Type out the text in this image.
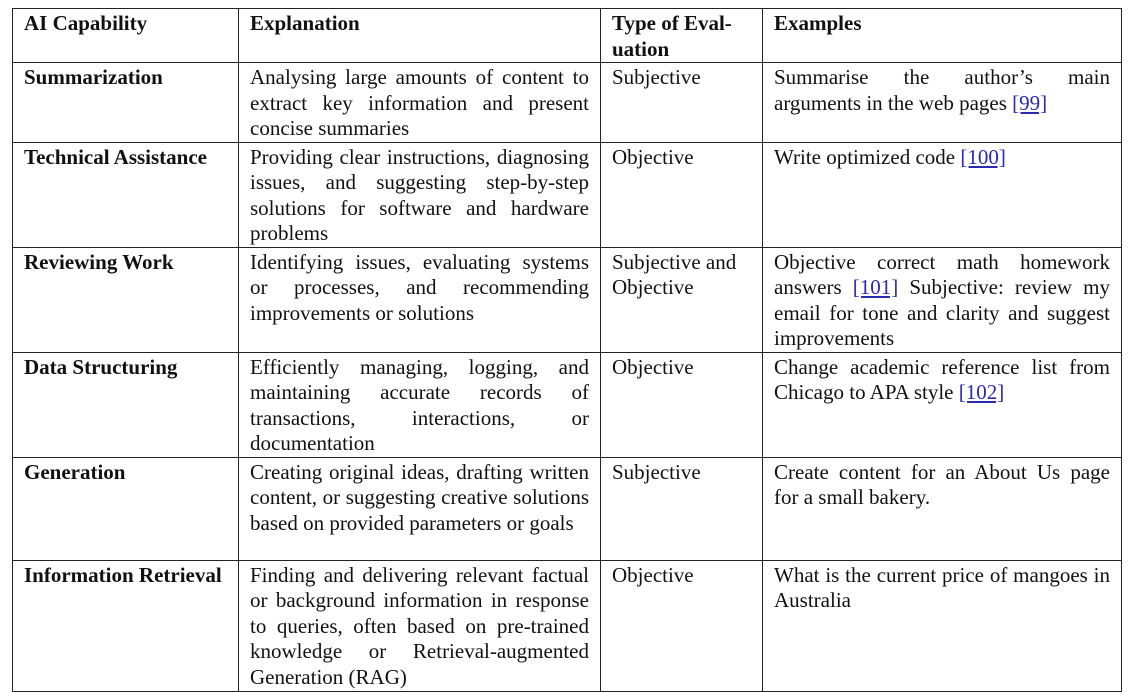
AI Capability	Explanation	Type of Eval- uation	Examples
Summarization	Analysing large amounts of content to extract key information and present concise summaries	Subjective	Summarise the author’s main arguments in the web pages [99]
Technical Assistance	Providing clear instructions, diagnosing issues, and suggesting step-by-step solutions for software and hardware problems	Objective	Write optimized code [100]
Reviewing Work	Identifying issues, evaluating systems or processes, and recommending improvements or solutions	Subjective and Objective	Objective correct math homework answers [101] Subjective: review my email for tone and clarity and suggest improvements
Data Structuring	Efficiently managing, logging, and maintaining accurate records of transactions, interactions, or documentation	Objective	Change academic reference list from Chicago to APA style [102]
Generation	Creating original ideas, drafting written content, or suggesting creative solutions based on provided parameters or goals	Subjective	Create content for an About Us page for a small bakery.
Information Retrieval	Finding and delivering relevant factual or background information in response to queries, often based on pre-trained knowledge or Retrieval-augmented Generation (RAG)	Objective	What is the current price of mangoes in Australia
